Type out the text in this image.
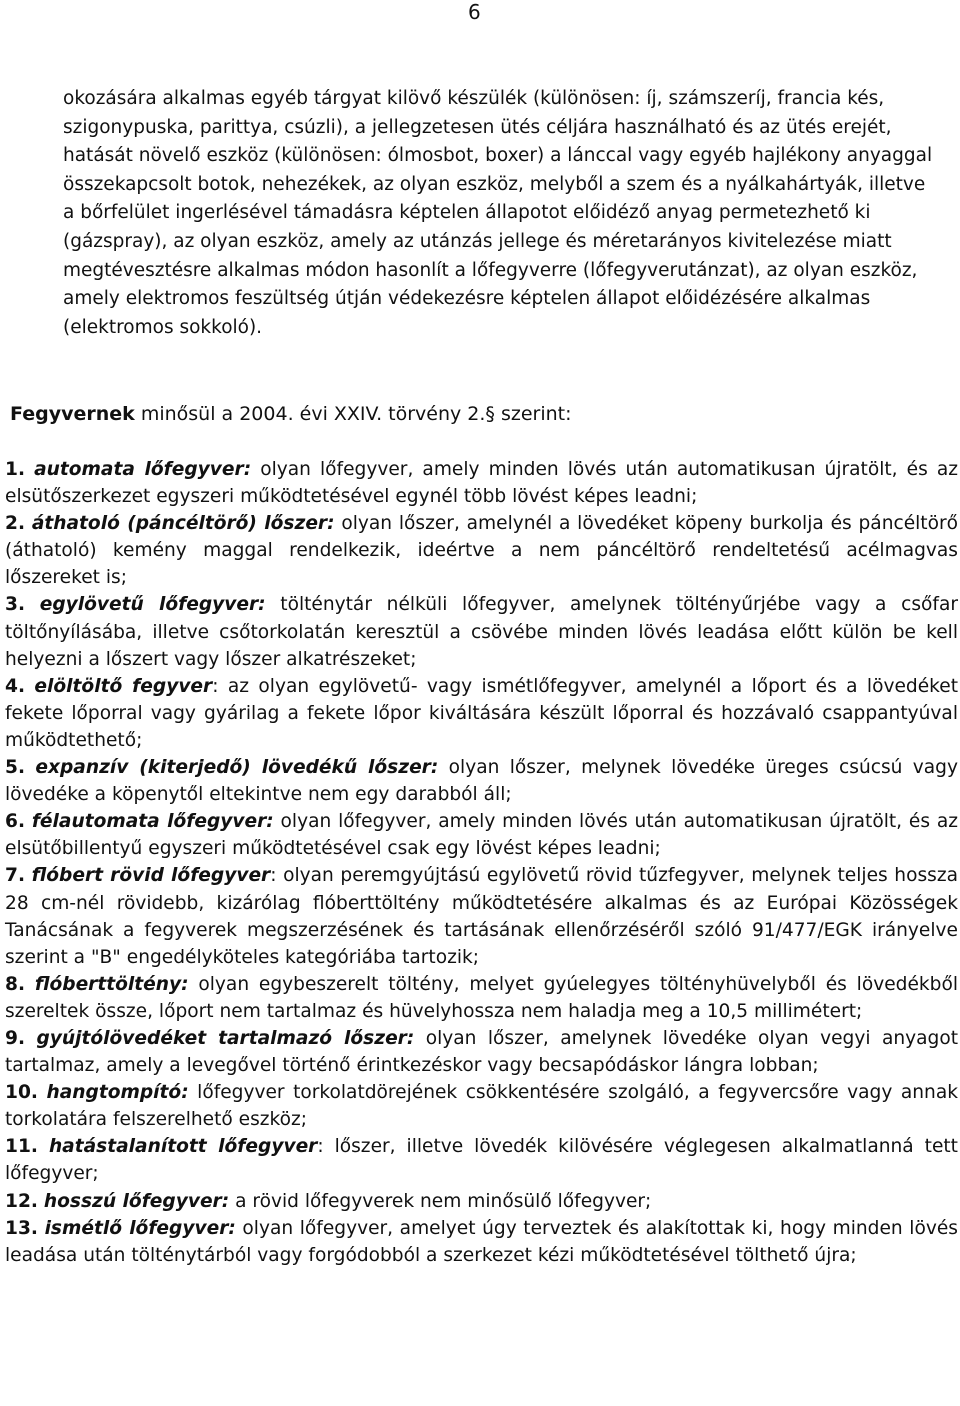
6

okozására alkalmas egyéb tárgyat kilövő készülék (különösen: íj, számszeríj, francia kés, szigonypuska, parittya, csúzli), a jellegzetesen ütés céljára használható és az ütés erejét, hatását növelő eszköz (különösen: ólmosbot, boxer) a lánccal vagy egyéb hajlékony anyaggal összekapcsolt botok, nehezékek, az olyan eszköz, melyből a szem és a nyálkahártyák, illetve a bőrfelület ingerlésével támadásra képtelen állapotot előidéző anyag permetezhető ki (gázspray), az olyan eszköz, amely az utánzás jellege és méretarányos kivitelezése miatt megtévesztésre alkalmas módon hasonlít a lőfegyverre (lőfegyverutánzat), az olyan eszköz, amely elektromos feszültség útján védekezésre képtelen állapot előidézésére alkalmas (elektromos sokkoló).

Fegyvernek minősül a 2004. évi XXIV. törvény 2.§ szerint:

1. automata lőfegyver: olyan lőfegyver, amely minden lövés után automatikusan újratölt, és az elsütőszerkezet egyszeri működtetésével egynél több lövést képes leadni;
2. áthatoló (páncéltörő) lőszer: olyan lőszer, amelynél a lövedéket köpeny burkolja és páncéltörő (áthatoló) kemény maggal rendelkezik, ideértve a nem páncéltörő rendeltetésű acélmagvas lőszereket is;
3. egylövetű lőfegyver: tölténytár nélküli lőfegyver, amelynek töltényűrjébe vagy a csőfar töltőnyílásába, illetve csőtorkolatán keresztül a csövébe minden lövés leadása előtt külön be kell helyezni a lőszert vagy lőszer alkatrészeket;
4. elöltöltő fegyver: az olyan egylövetű- vagy ismétlőfegyver, amelynél a lőport és a lövedéket fekete lőporral vagy gyárilag a fekete lőpor kiváltására készült lőporral és hozzávaló csappantyúval működtethető;
5. expanzív (kiterjedő) lövedékű lőszer: olyan lőszer, melynek lövedéke üreges csúcsú vagy lövedéke a köpenytől eltekintve nem egy darabból áll;
6. félautomata lőfegyver: olyan lőfegyver, amely minden lövés után automatikusan újratölt, és az elsütőbillentyű egyszeri működtetésével csak egy lövést képes leadni;
7. flóbert rövid lőfegyver: olyan peremgyújtású egylövetű rövid tűzfegyver, melynek teljes hossza 28 cm-nél rövidebb, kizárólag flóberttöltény működtetésére alkalmas és az Európai Közösségek Tanácsának a fegyverek megszerzésének és tartásának ellenőrzéséről szóló 91/477/EGK irányelve szerint a "B" engedélyköteles kategóriába tartozik;
8. flóberttöltény: olyan egybeszerelt töltény, melyet gyúelegyes töltényhüvelyből és lövedékből szereltek össze, lőport nem tartalmaz és hüvelyhossza nem haladja meg a 10,5 millimétert;
9. gyújtólövedéket tartalmazó lőszer: olyan lőszer, amelynek lövedéke olyan vegyi anyagot tartalmaz, amely a levegővel történő érintkezéskor vagy becsapódáskor lángra lobban;
10. hangtompító: lőfegyver torkolatdörejének csökkentésére szolgáló, a fegyvercsőre vagy annak torkolatára felszerelhető eszköz;
11. hatástalanított lőfegyver: lőszer, illetve lövedék kilövésére véglegesen alkalmatlanná tett lőfegyver;
12. hosszú lőfegyver: a rövid lőfegyverek nem minősülő lőfegyver;
13. ismétlő lőfegyver: olyan lőfegyver, amelyet úgy terveztek és alakítottak ki, hogy minden lövés leadása után tölténytárból vagy forgódobból a szerkezet kézi működtetésével tölthető újra;
